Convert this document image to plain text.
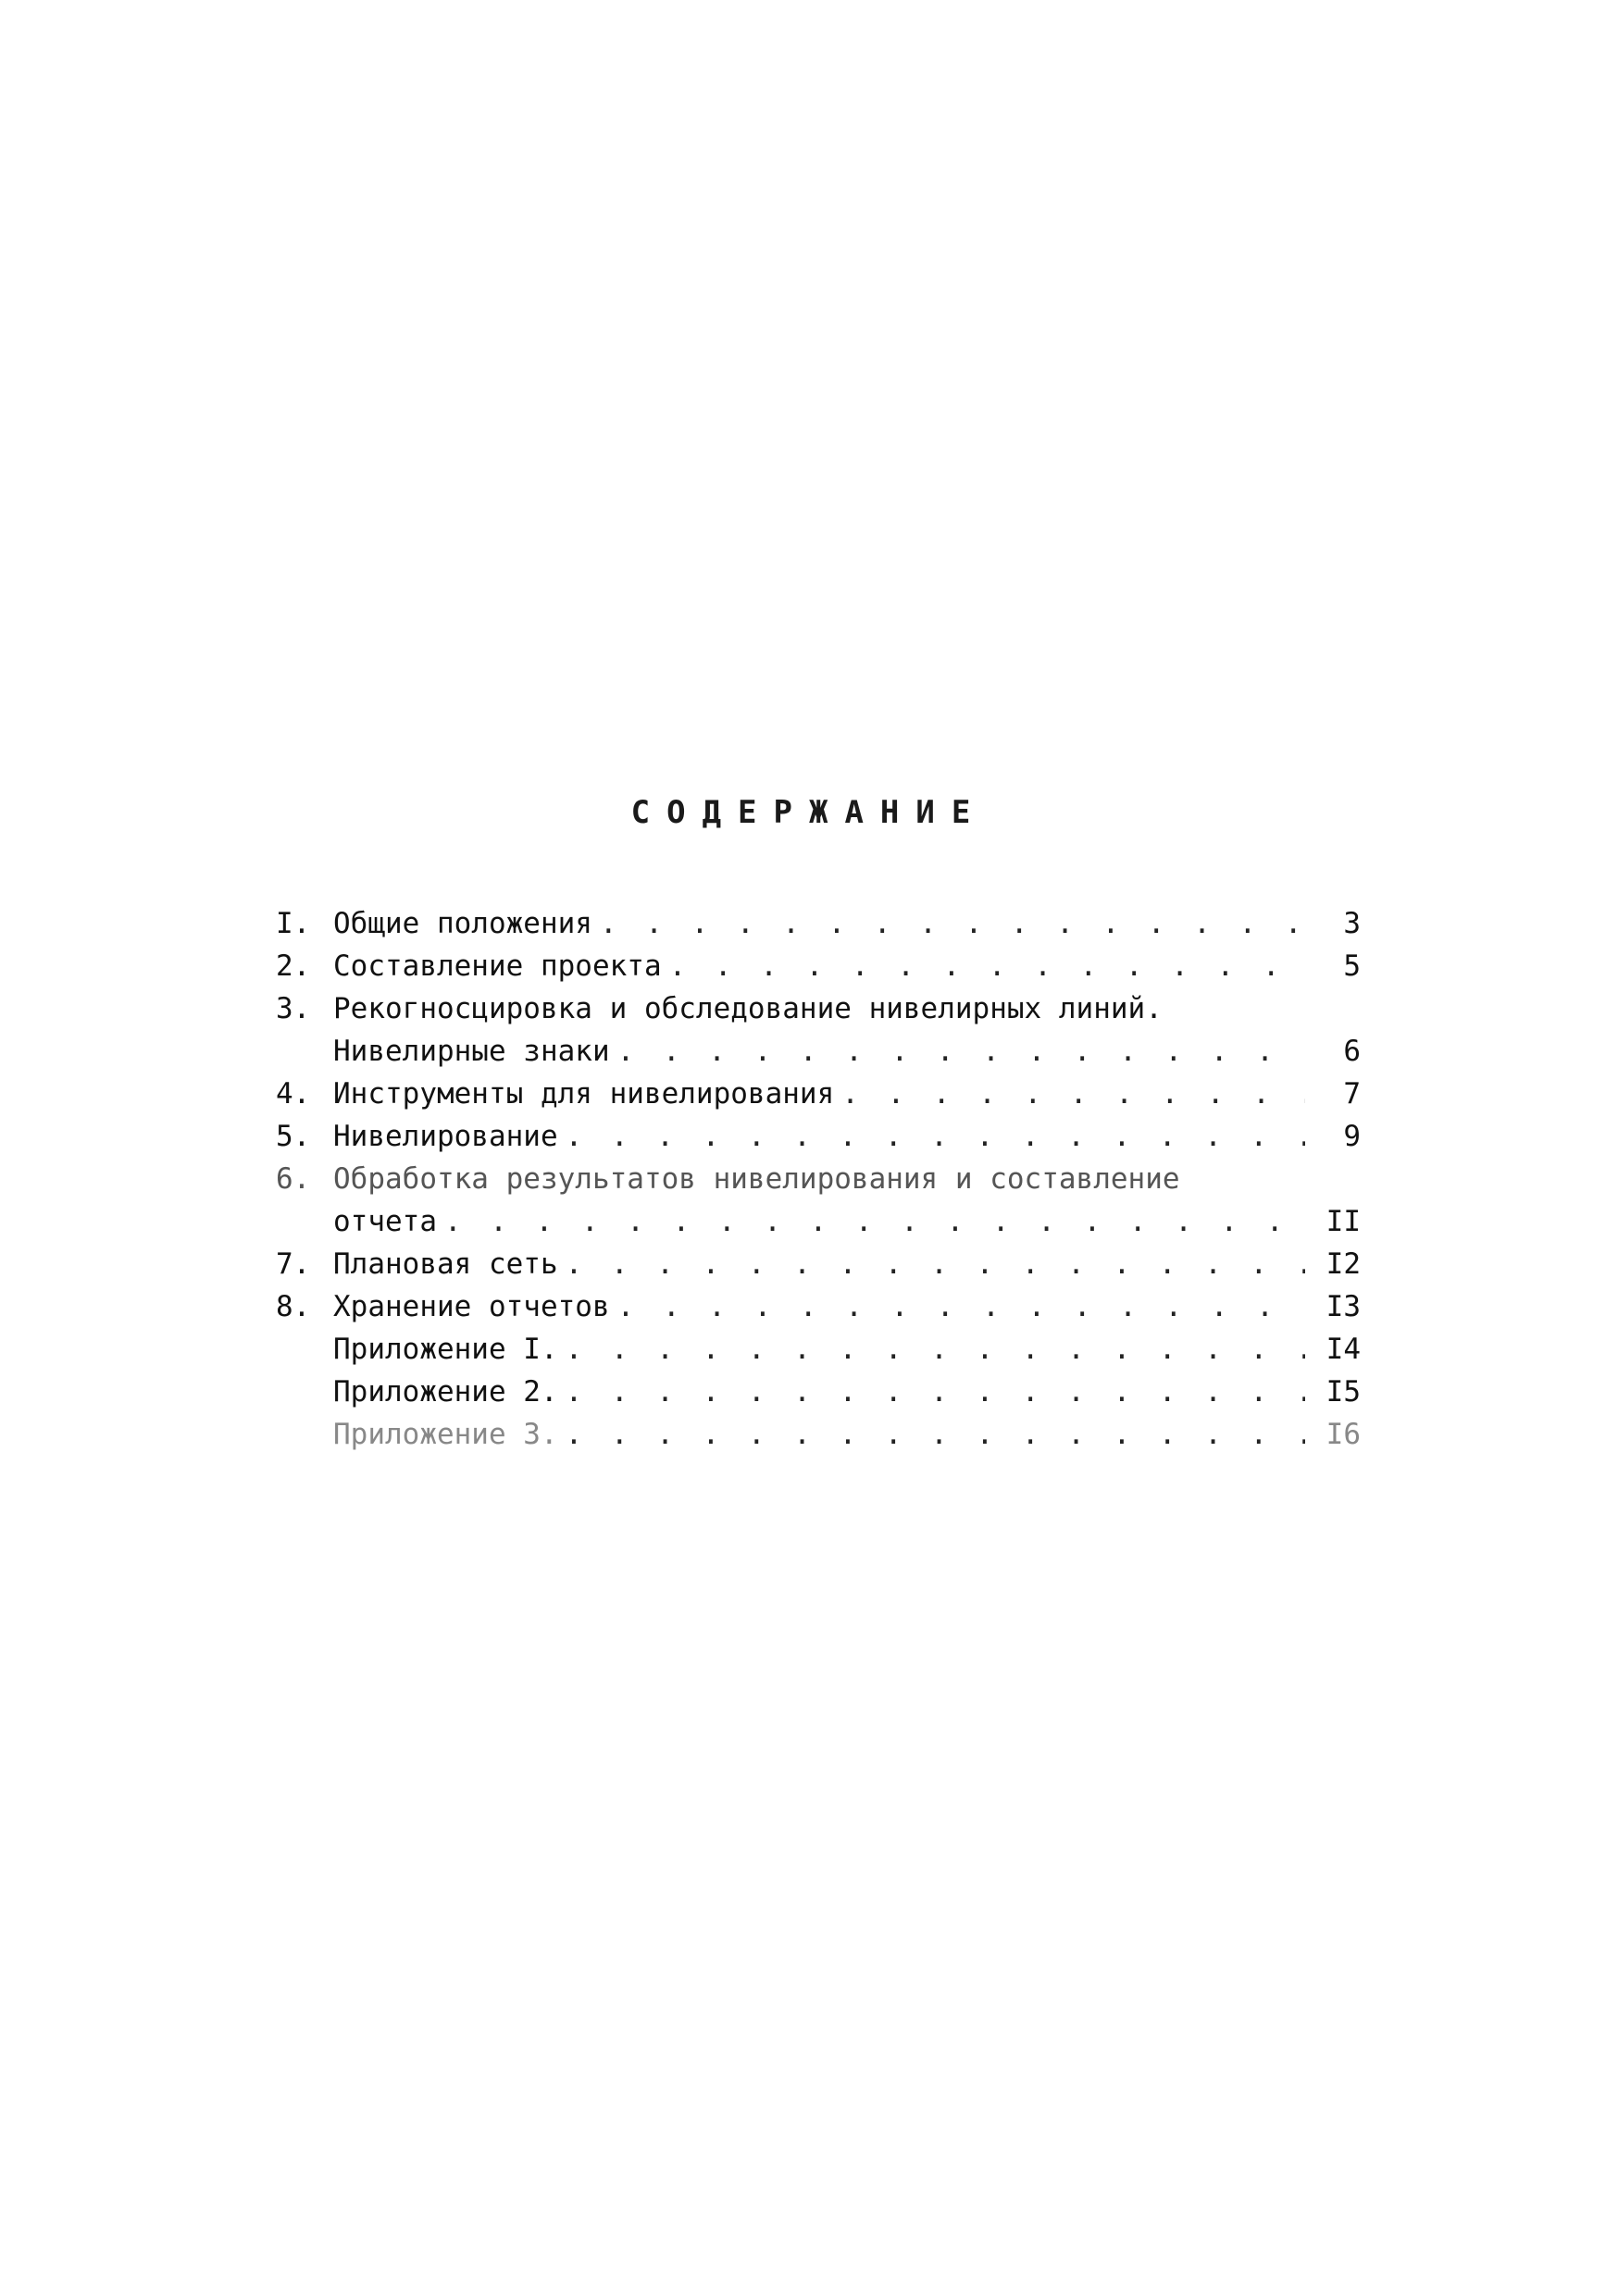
СОДЕРЖАНИЕ
I. Общие положения . . .	3
2. Составление проекта . . .	5
3. Рекогносцировка и обследование нивелирных линий.
Нивелирные знаки . . .	6
4. Инструменты для нивелирования . . .	7
5. Нивелирование . . .	9
6. Обработка результатов нивелирования и составление
отчета . . .	II
7. Плановая сеть . . .	I2
8. Хранение отчетов . . .	I3
Приложение I. . . .	I4
Приложение 2. . . .	I5
Приложение 3. . . .	I6
